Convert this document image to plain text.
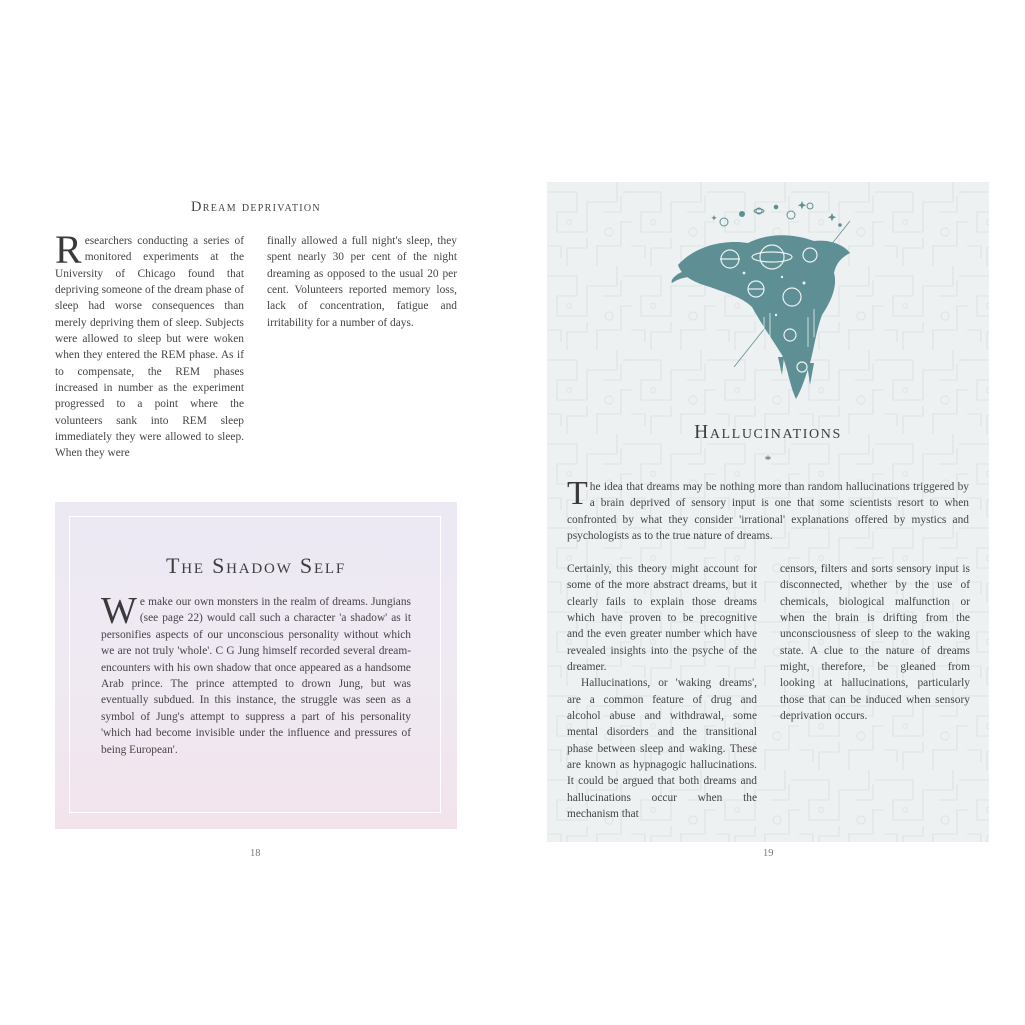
Dream deprivation
Researchers conducting a series of monitored experiments at the University of Chicago found that depriving someone of the dream phase of sleep had worse consequences than merely depriving them of sleep. Subjects were allowed to sleep but were woken when they entered the REM phase. As if to compensate, the REM phases increased in number as the experiment progressed to a point where the volunteers sank into REM sleep immediately they were allowed to sleep. When they were
finally allowed a full night's sleep, they spent nearly 30 per cent of the night dreaming as opposed to the usual 20 per cent. Volunteers reported memory loss, lack of concentration, fatigue and irritability for a number of days.
The Shadow Self
We make our own monsters in the realm of dreams. Jungians (see page 22) would call such a character 'a shadow' as it personifies aspects of our unconscious personality without which we are not truly 'whole'. C G Jung himself recorded several dream-encounters with his own shadow that once appeared as a handsome Arab prince. The prince attempted to drown Jung, but was eventually subdued. In this instance, the struggle was seen as a symbol of Jung's attempt to suppress a part of his personality 'which had become invisible under the influence and pressures of being European'.
18
Hallucinations
*
The idea that dreams may be nothing more than random hallucinations triggered by a brain deprived of sensory input is one that some scientists resort to when confronted by what they consider 'irrational' explanations offered by mystics and psychologists as to the true nature of dreams.

Certainly, this theory might account for some of the more abstract dreams, but it clearly fails to explain those dreams which have proven to be precognitive and the even greater number which have revealed insights into the psyche of the dreamer.

Hallucinations, or 'waking dreams', are a common feature of drug and alcohol abuse and withdrawal, some mental disorders and the transitional phase between sleep and waking. These are known as hypnagogic hallucinations. It could be argued that both dreams and hallucinations occur when the mechanism that

censors, filters and sorts sensory input is disconnected, whether by the use of chemicals, biological malfunction or when the brain is drifting from the unconsciousness of sleep to the waking state. A clue to the nature of dreams might, therefore, be gleaned from looking at hallucinations, particularly those that can be induced when sensory deprivation occurs.

19
